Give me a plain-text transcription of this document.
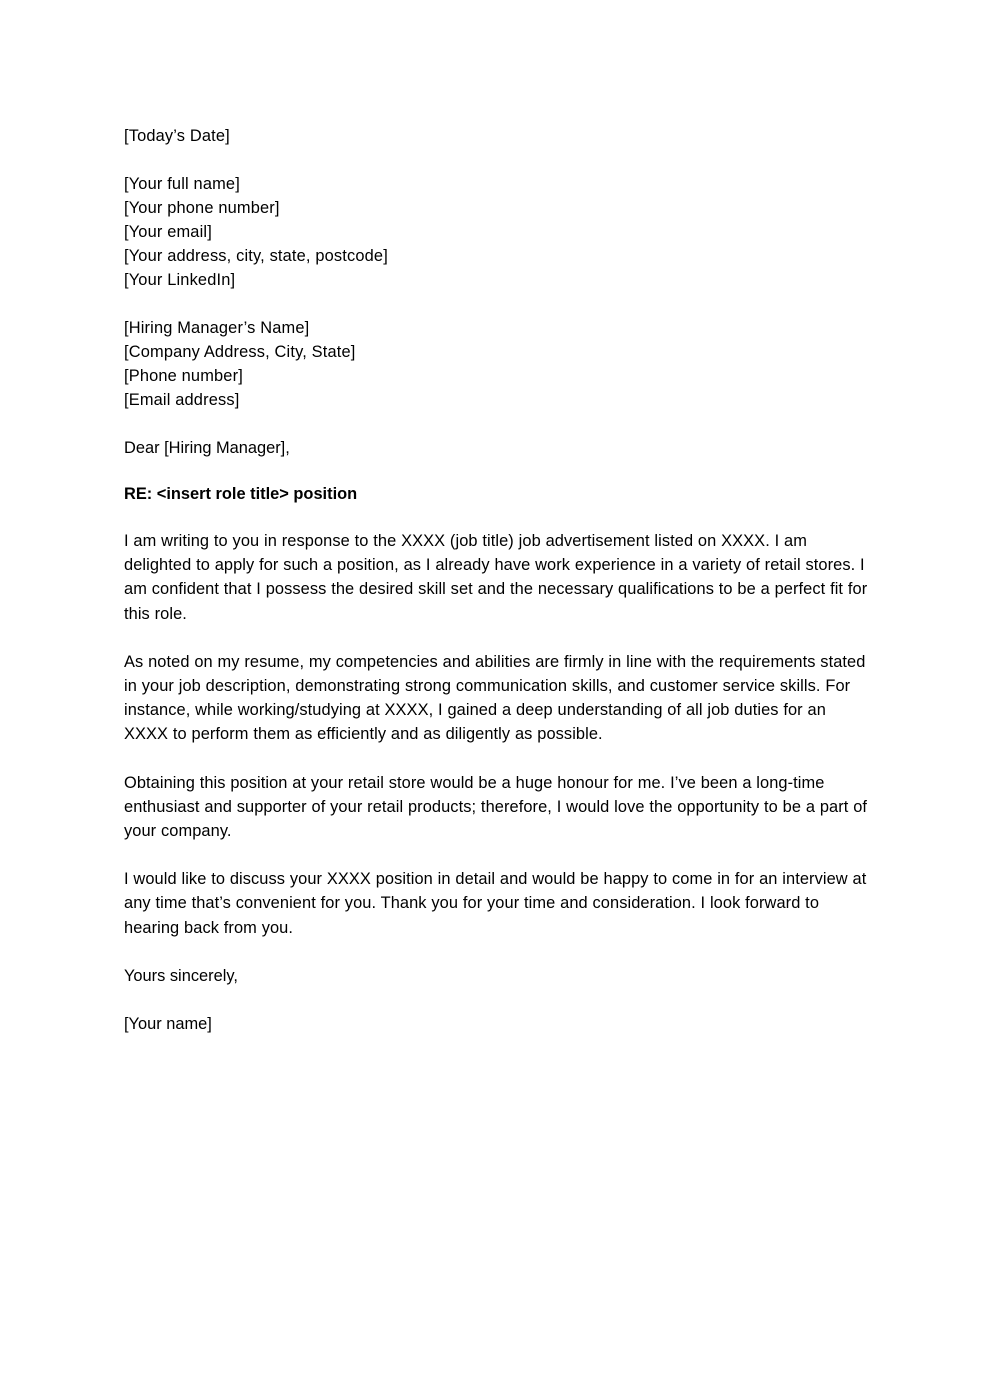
[Today’s Date]
[Your full name]
[Your phone number]
[Your email]
[Your address, city, state, postcode]
[Your LinkedIn]
[Hiring Manager’s Name]
[Company Address, City, State]
[Phone number]
[Email address]

Dear [Hiring Manager],

RE: <insert role title> position

I am writing to you in response to the XXXX (job title) job advertisement listed on XXXX. I am delighted to apply for such a position, as I already have work experience in a variety of retail stores. I am confident that I possess the desired skill set and the necessary qualifications to be a perfect fit for this role.

As noted on my resume, my competencies and abilities are firmly in line with the requirements stated in your job description, demonstrating strong communication skills, and customer service skills. For instance, while working/studying at XXXX, I gained a deep understanding of all job duties for an XXXX to perform them as efficiently and as diligently as possible.

Obtaining this position at your retail store would be a huge honour for me. I’ve been a long-time enthusiast and supporter of your retail products; therefore, I would love the opportunity to be a part of your company.

I would like to discuss your XXXX position in detail and would be happy to come in for an interview at any time that’s convenient for you. Thank you for your time and consideration. I look forward to hearing back from you.

Yours sincerely,

[Your name]
